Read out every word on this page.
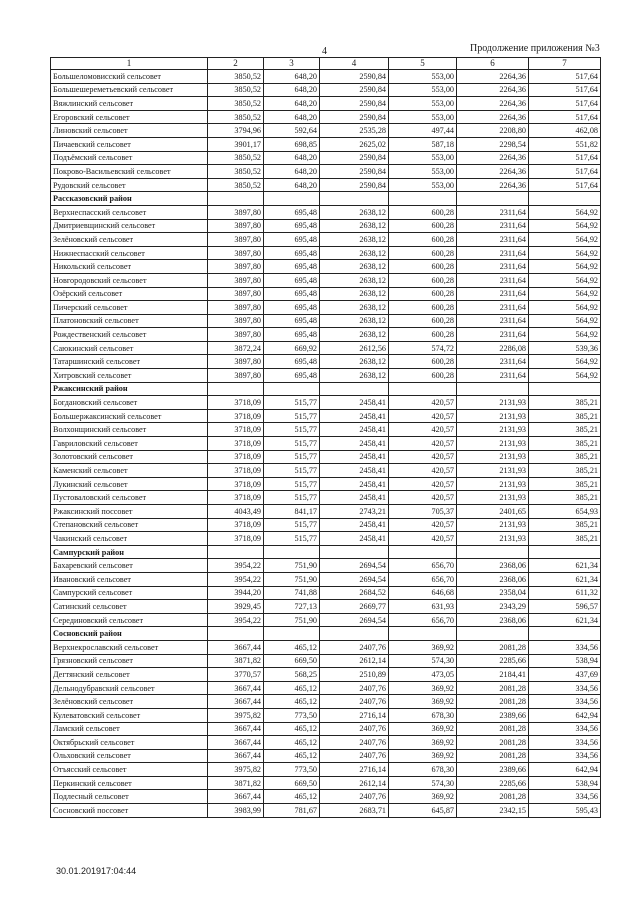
4	Продолжение приложения №3
1	2	3	4	5	6	7
Большеломовисский сельсовет	3850,52	648,20	2590,84	553,00	2264,36	517,64
Большешереметьевский сельсовет	3850,52	648,20	2590,84	553,00	2264,36	517,64
Вяжлинский сельсовет	3850,52	648,20	2590,84	553,00	2264,36	517,64
Егоровский сельсовет	3850,52	648,20	2590,84	553,00	2264,36	517,64
Линовский сельсовет	3794,96	592,64	2535,28	497,44	2208,80	462,08
Пичаевский сельсовет	3901,17	698,85	2625,02	587,18	2298,54	551,82
Подъёмский сельсовет	3850,52	648,20	2590,84	553,00	2264,36	517,64
Покрово-Васильевский сельсовет	3850,52	648,20	2590,84	553,00	2264,36	517,64
Рудовский сельсовет	3850,52	648,20	2590,84	553,00	2264,36	517,64
Рассказовский район						
Верхнеспасский сельсовет	3897,80	695,48	2638,12	600,28	2311,64	564,92
Дмитриевщинский сельсовет	3897,80	695,48	2638,12	600,28	2311,64	564,92
Зелёновский сельсовет	3897,80	695,48	2638,12	600,28	2311,64	564,92
Нижнеспасский сельсовет	3897,80	695,48	2638,12	600,28	2311,64	564,92
Никольский сельсовет	3897,80	695,48	2638,12	600,28	2311,64	564,92
Новгородовский сельсовет	3897,80	695,48	2638,12	600,28	2311,64	564,92
Озёрский сельсовет	3897,80	695,48	2638,12	600,28	2311,64	564,92
Пичерский сельсовет	3897,80	695,48	2638,12	600,28	2311,64	564,92
Платоновский сельсовет	3897,80	695,48	2638,12	600,28	2311,64	564,92
Рождественский сельсовет	3897,80	695,48	2638,12	600,28	2311,64	564,92
Саюкинский сельсовет	3872,24	669,92	2612,56	574,72	2286,08	539,36
Татаршинский сельсовет	3897,80	695,48	2638,12	600,28	2311,64	564,92
Хитровский сельсовет	3897,80	695,48	2638,12	600,28	2311,64	564,92
Ржаксинский район						
Богдановский сельсовет	3718,09	515,77	2458,41	420,57	2131,93	385,21
Большержаксинский сельсовет	3718,09	515,77	2458,41	420,57	2131,93	385,21
Волхонщинский сельсовет	3718,09	515,77	2458,41	420,57	2131,93	385,21
Гавриловский сельсовет	3718,09	515,77	2458,41	420,57	2131,93	385,21
Золотовский сельсовет	3718,09	515,77	2458,41	420,57	2131,93	385,21
Каменский сельсовет	3718,09	515,77	2458,41	420,57	2131,93	385,21
Лукинский сельсовет	3718,09	515,77	2458,41	420,57	2131,93	385,21
Пустоваловский сельсовет	3718,09	515,77	2458,41	420,57	2131,93	385,21
Ржаксинский поссовет	4043,49	841,17	2743,21	705,37	2401,65	654,93
Степановский сельсовет	3718,09	515,77	2458,41	420,57	2131,93	385,21
Чакинский сельсовет	3718,09	515,77	2458,41	420,57	2131,93	385,21
Сампурский район						
Бахаревский сельсовет	3954,22	751,90	2694,54	656,70	2368,06	621,34
Ивановский сельсовет	3954,22	751,90	2694,54	656,70	2368,06	621,34
Сампурский сельсовет	3944,20	741,88	2684,52	646,68	2358,04	611,32
Сатинский сельсовет	3929,45	727,13	2669,77	631,93	2343,29	596,57
Серединовский сельсовет	3954,22	751,90	2694,54	656,70	2368,06	621,34
Сосновский район						
Верхнекрославский сельсовет	3667,44	465,12	2407,76	369,92	2081,28	334,56
Грязновский сельсовет	3871,82	669,50	2612,14	574,30	2285,66	538,94
Дегтянский сельсовет	3770,57	568,25	2510,89	473,05	2184,41	437,69
Дельнодубравский сельсовет	3667,44	465,12	2407,76	369,92	2081,28	334,56
Зелёновский сельсовет	3667,44	465,12	2407,76	369,92	2081,28	334,56
Кулеватовский сельсовет	3975,82	773,50	2716,14	678,30	2389,66	642,94
Ламский сельсовет	3667,44	465,12	2407,76	369,92	2081,28	334,56
Октябрьский сельсовет	3667,44	465,12	2407,76	369,92	2081,28	334,56
Ольховский сельсовет	3667,44	465,12	2407,76	369,92	2081,28	334,56
Отъясский сельсовет	3975,82	773,50	2716,14	678,30	2389,66	642,94
Перкинский сельсовет	3871,82	669,50	2612,14	574,30	2285,66	538,94
Подлесный сельсовет	3667,44	465,12	2407,76	369,92	2081,28	334,56
Сосновский поссовет	3983,99	781,67	2683,71	645,87	2342,15	595,43
30.01.201917:04:44
